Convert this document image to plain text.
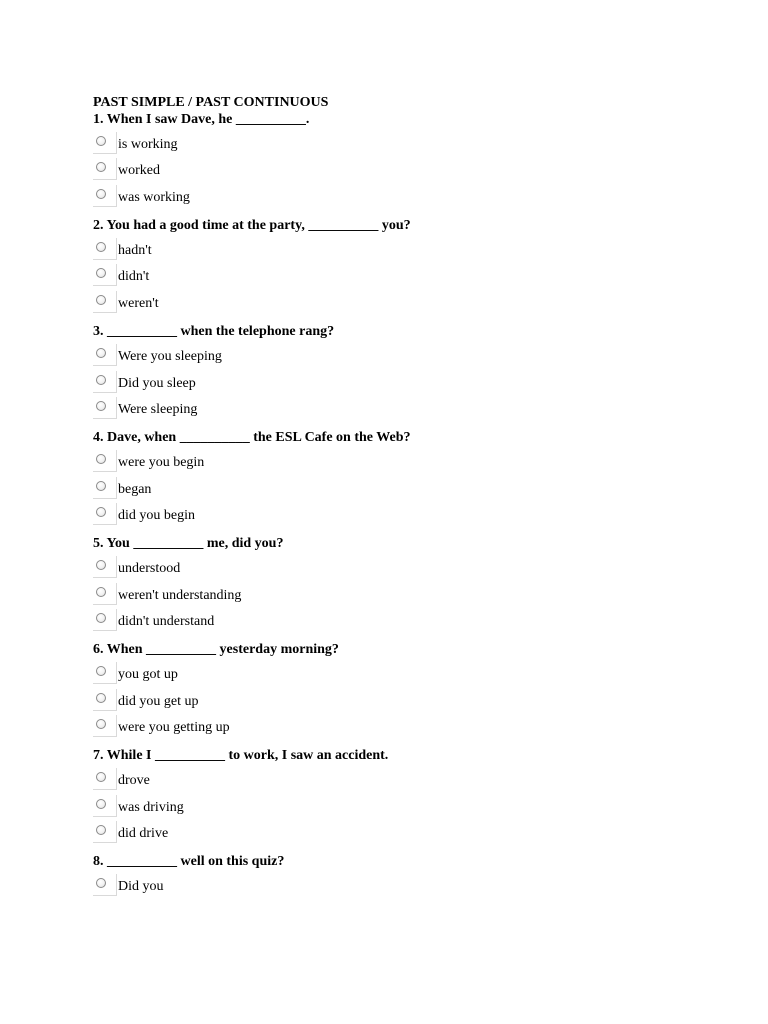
PAST SIMPLE / PAST CONTINUOUS
1. When I saw Dave, he __________.
is working
worked
was working
2. You had a good time at the party, __________ you?
hadn't
didn't
weren't
3. __________ when the telephone rang?
Were you sleeping
Did you sleep
Were sleeping
4. Dave, when __________ the ESL Cafe on the Web?
were you begin
began
did you begin
5. You __________ me, did you?
understood
weren't understanding
didn't understand
6. When __________ yesterday morning?
you got up
did you get up
were you getting up
7. While I __________ to work, I saw an accident.
drove
was driving
did drive
8. __________ well on this quiz?
Did you
